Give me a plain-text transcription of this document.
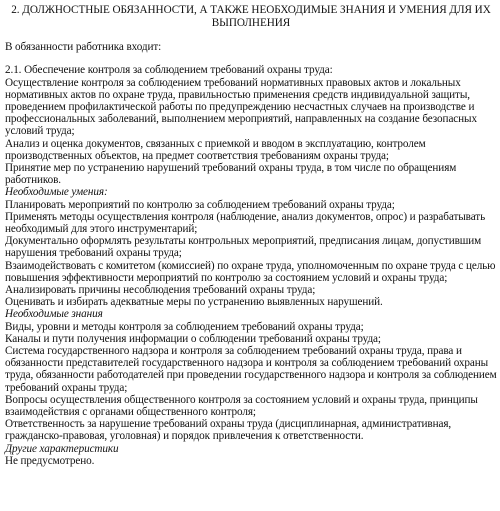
2. ДОЛЖНОСТНЫЕ ОБЯЗАННОСТИ, А ТАКЖЕ НЕОБХОДИМЫЕ ЗНАНИЯ И УМЕНИЯ ДЛЯ ИХ
ВЫПОЛНЕНИЯ

В обязанности работника входит:

2.1. Обеспечение контроля за соблюдением требований охраны труда:

Осуществление контроля за соблюдением требований нормативных правовых актов и локальных нормативных актов по охране труда, правильностью применения средств индивидуальной защиты, проведением профилактической работы по предупреждению несчастных случаев на производстве и профессиональных заболеваний, выполнением мероприятий, направленных на создание безопасных условий труда;

Анализ и оценка документов, связанных с приемкой и вводом в эксплуатацию, контролем производственных объектов, на предмет соответствия требованиям охраны труда;

Принятие мер по устранению нарушений требований охраны труда, в том числе по обращениям работников.

Необходимые умения:

Планировать мероприятий по контролю за соблюдением требований охраны труда;

Применять методы осуществления контроля (наблюдение, анализ документов, опрос) и разрабатывать необходимый для этого инструментарий;

Документально оформлять результаты контрольных мероприятий, предписания лицам, допустившим нарушения требований охраны труда;

Взаимодействовать с комитетом (комиссией) по охране труда, уполномоченным по охране труда с целью повышения эффективности мероприятий по контролю за состоянием условий и охраны труда;

Анализировать причины несоблюдения требований охраны труда;

Оценивать и избирать адекватные меры по устранению выявленных нарушений.

Необходимые знания

Виды, уровни и методы контроля за соблюдением требований охраны труда;

Каналы и пути получения информации о соблюдении требований охраны труда;

Система государственного надзора и контроля за соблюдением требований охраны труда, права и обязанности представителей государственного надзора и контроля за соблюдением требований охраны труда, обязанности работодателей при проведении государственного надзора и контроля за соблюдением требований охраны труда;

Вопросы осуществления общественного контроля за состоянием условий и охраны труда, принципы взаимодействия с органами общественного контроля;

Ответственность за нарушение требований охраны труда (дисциплинарная, административная, гражданско-правовая, уголовная) и порядок привлечения к ответственности.

Другие характеристики

Не предусмотрено.
